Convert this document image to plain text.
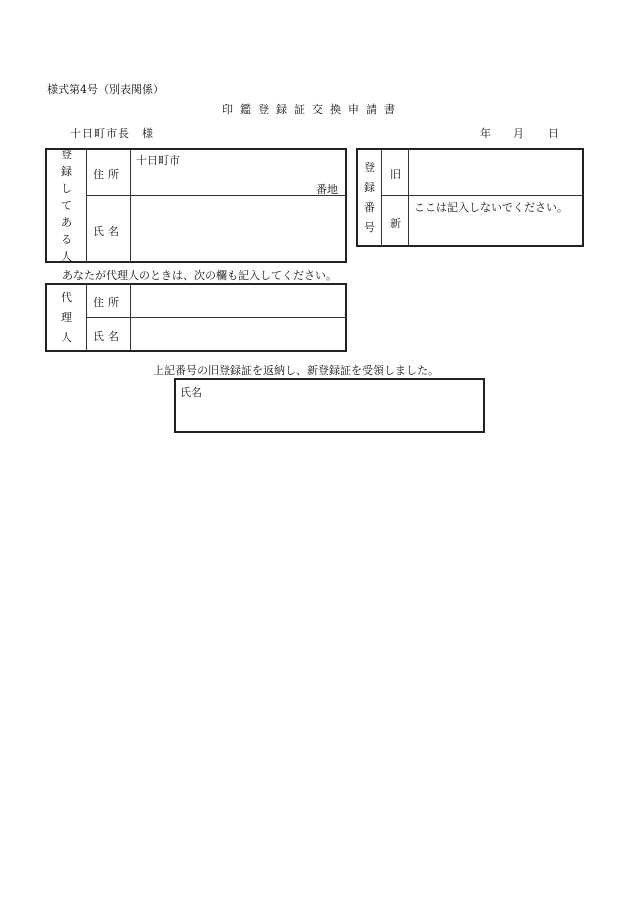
様式第4号（別表関係）
印鑑登録証交換申請書
十日町市長　様	年 月 日
登
録
し
て
あ
る
人
住所
十日町市
番地
氏名
登
録
番
号
旧
新
ここは記入しないでください。
あなたが代理人のときは、次の欄も記入してください。
代
理
人
住所
氏名
上記番号の旧登録証を返納し、新登録証を受領しました。
氏名
